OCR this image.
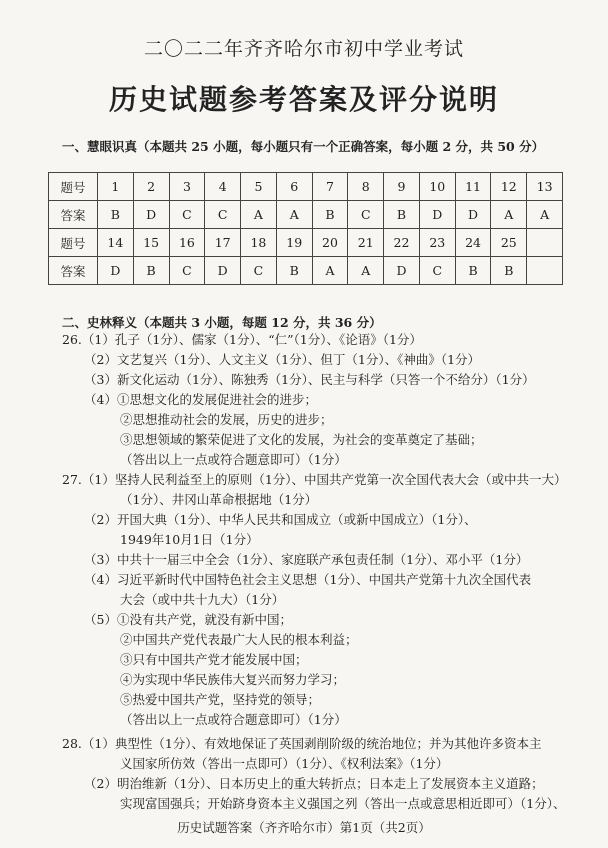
二〇二二年齐齐哈尔市初中学业考试
历史试题参考答案及评分说明
一、慧眼识真（本题共 25 小题，每小题只有一个正确答案，每小题 2 分，共 50 分）
题号	1	2	3	4	5	6	7	8	9	10	11	12	13
答案	B	D	C	C	A	A	B	C	B	D	D	A	A
题号	14	15	16	17	18	19	20	21	22	23	24	25	
答案	D	B	C	D	C	B	A	A	D	C	B	B	
二、史林释义（本题共 3 小题，每题 12 分，共 36 分）
26.（1）孔子（1分）、儒家（1分）、“仁”（1分）、《论语》（1分）
（2）文艺复兴（1分）、人文主义（1分）、但丁（1分）、《神曲》（1分）
（3）新文化运动（1分）、陈独秀（1分）、民主与科学（只答一个不给分）（1分）
（4）①思想文化的发展促进社会的进步；
②思想推动社会的发展，历史的进步；
③思想领域的繁荣促进了文化的发展，为社会的变革奠定了基础；
（答出以上一点或符合题意即可）（1分）
27.（1）坚持人民利益至上的原则（1分）、中国共产党第一次全国代表大会（或中共一大）
（1分）、井冈山革命根据地（1分）
（2）开国大典（1分）、中华人民共和国成立（或新中国成立）（1分）、
1949年10月1日（1分）
（3）中共十一届三中全会（1分）、家庭联产承包责任制（1分）、邓小平（1分）
（4）习近平新时代中国特色社会主义思想（1分）、中国共产党第十九次全国代表
大会（或中共十九大）（1分）
（5）①没有共产党，就没有新中国；
②中国共产党代表最广大人民的根本利益；
③只有中国共产党才能发展中国；
④为实现中华民族伟大复兴而努力学习；
⑤热爱中国共产党，坚持党的领导；
（答出以上一点或符合题意即可）（1分）
28.（1）典型性（1分）、有效地保证了英国剥削阶级的统治地位；并为其他许多资本主
义国家所仿效（答出一点即可）（1分）、《权利法案》（1分）
（2）明治维新（1分）、日本历史上的重大转折点；日本走上了发展资本主义道路；
实现富国强兵；开始跻身资本主义强国之列（答出一点或意思相近即可）（1分）、
历史试题答案（齐齐哈尔市）第1页（共2页）
